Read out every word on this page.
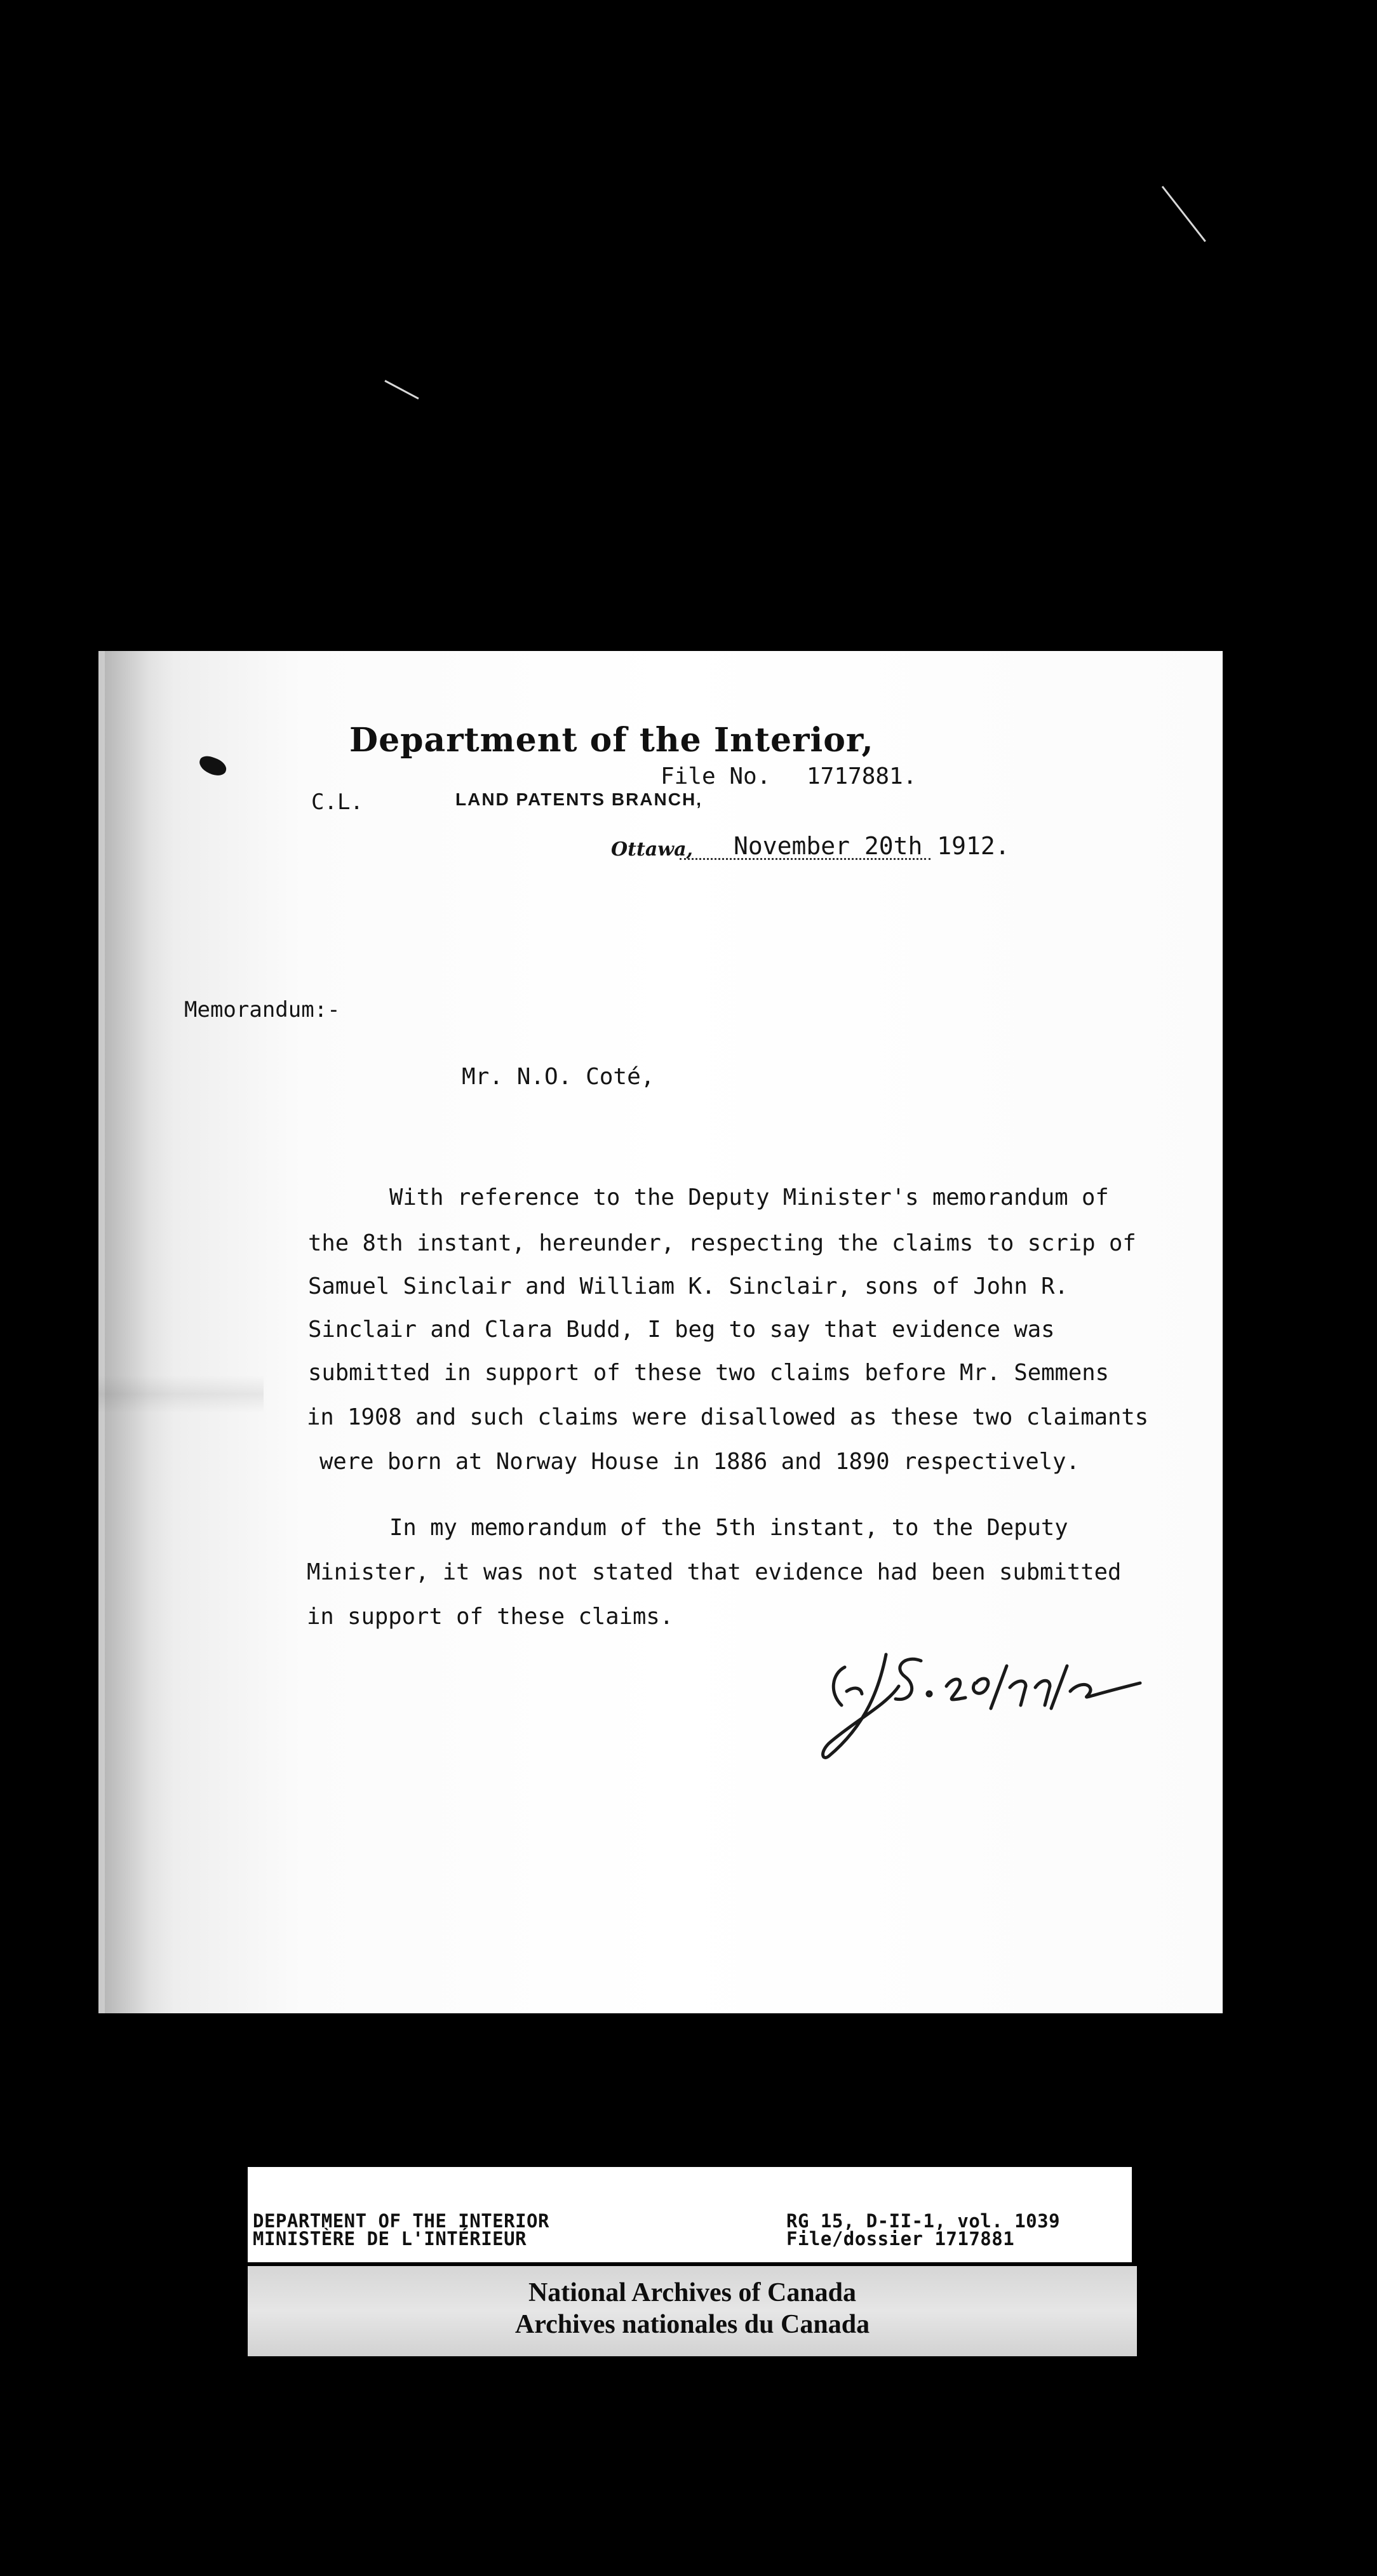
Department of the Interior,
File No. 1717881.
C.L.	LAND PATENTS BRANCH,
Ottawa, November 20th 1912.
Memorandum:-
Mr. N.O. Coté,
With reference to the Deputy Minister's memorandum of
the 8th instant, hereunder, respecting the claims to scrip of
Samuel Sinclair and William K. Sinclair, sons of John R.
Sinclair and Clara Budd, I beg to say that evidence was
submitted in support of these two claims before Mr. Semmens
in 1908 and such claims were disallowed as these two claimants
were born at Norway House in 1886 and 1890 respectively.
In my memorandum of the 5th instant, to the Deputy
Minister, it was not stated that evidence had been submitted
in support of these claims.
DEPARTMENT OF THE INTERIOR
MINISTÈRE DE L'INTÉRIEUR
RG 15, D-II-1, vol. 1039
File/dossier 1717881
National Archives of Canada
Archives nationales du Canada
